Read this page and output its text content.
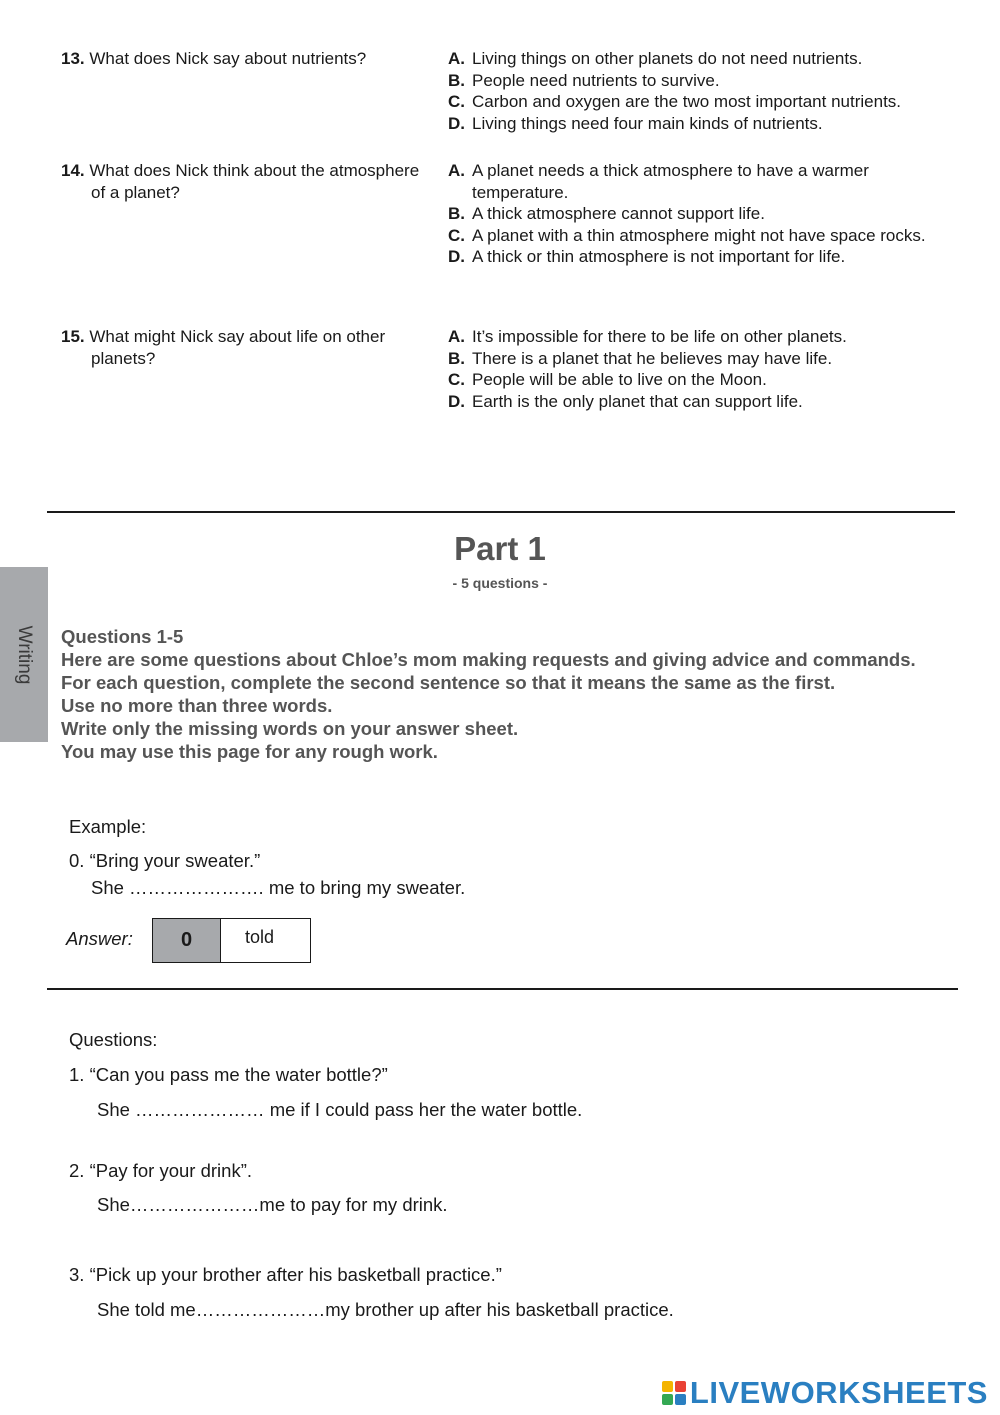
13. What does Nick say about nutrients?	A. Living things on other planets do not need nutrients.
B. People need nutrients to survive.
C. Carbon and oxygen are the two most important nutrients.
D. Living things need four main kinds of nutrients.
14. What does Nick think about the atmosphere of a planet?
A. A planet needs a thick atmosphere to have a warmer temperature.
B. A thick atmosphere cannot support life.
C. A planet with a thin atmosphere might not have space rocks.
D. A thick or thin atmosphere is not important for life.
15. What might Nick say about life on other planets?
A. It’s impossible for there to be life on other planets.
B. There is a planet that he believes may have life.
C. People will be able to live on the Moon.
D. Earth is the only planet that can support life.
Part 1
- 5 questions -
Writing Questions 1-5
Here are some questions about Chloe’s mom making requests and giving advice and commands.
For each question, complete the second sentence so that it means the same as the first.
Use no more than three words.
Write only the missing words on your answer sheet.
You may use this page for any rough work.
Example:
0. “Bring your sweater.”
She …………………. me to bring my sweater.
Answer:	0	told
Questions:
1. “Can you pass me the water bottle?”
She ………………… me if I could pass her the water bottle.
2. “Pay for your drink”.
She…………………me to pay for my drink.
3. “Pick up your brother after his basketball practice.”
She told me…………………my brother up after his basketball practice.
LIVEWORKSHEETS
